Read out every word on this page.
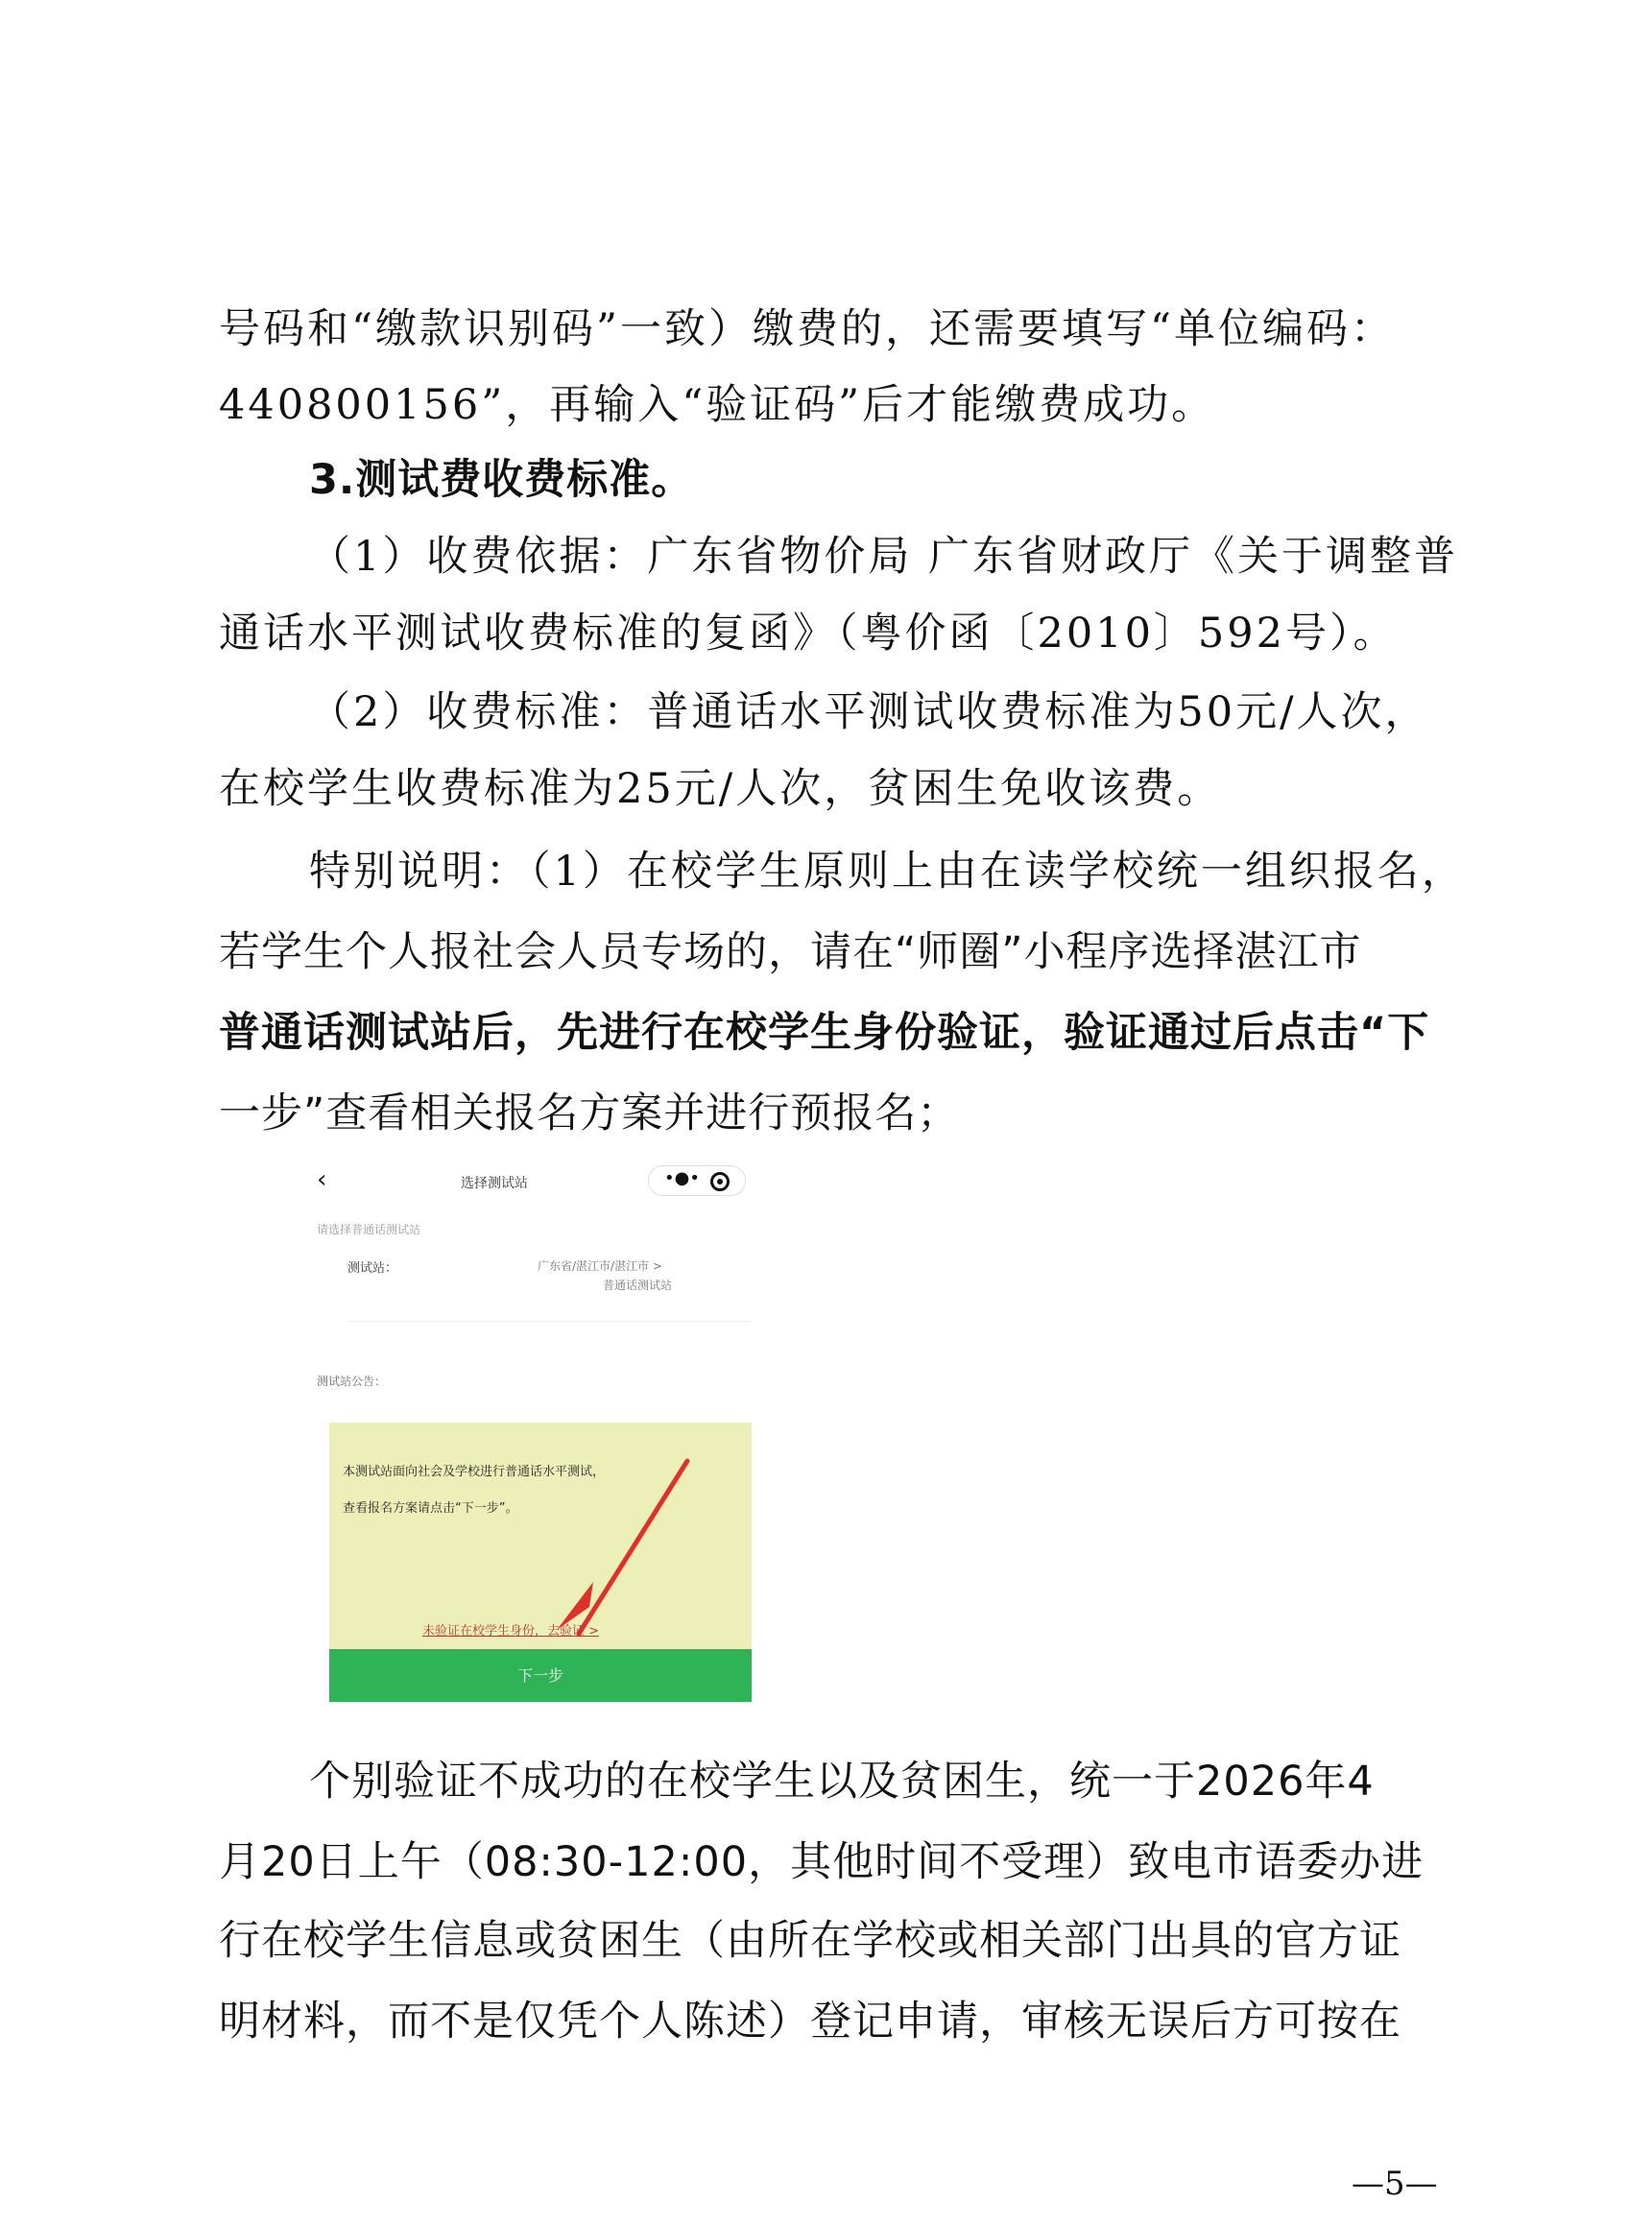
号码和“缴款识别码”一致）缴费的，还需要填写“单位编码：
440800156”，再输入“验证码”后才能缴费成功。
3.测试费收费标准。
（1）收费依据：广东省物价局 广东省财政厅《关于调整普
通话水平测试收费标准的复函》（粤价函〔2010〕592号）。
（2）收费标准：普通话水平测试收费标准为50元/人次，
在校学生收费标准为25元/人次，贫困生免收该费。
特别说明：（1）在校学生原则上由在读学校统一组织报名，
若学生个人报社会人员专场的，请在“师圈”小程序选择湛江市
普通话测试站后，先进行在校学生身份验证，验证通过后点击“下
一步”查看相关报名方案并进行预报名；
‹	选择测试站	•●•
请选择普通话测试站
测试站：	广东省/湛江市/湛江市 >
普通话测试站
测试站公告：

本测试站面向社会及学校进行普通话水平测试，

查看报名方案请点击“下一步”。

未验证在校学生身份，去验证 >
下一步
个别验证不成功的在校学生以及贫困生，统一于2026年4
月20日上午（08:30-12:00，其他时间不受理）致电市语委办进
行在校学生信息或贫困生（由所在学校或相关部门出具的官方证
明材料，而不是仅凭个人陈述）登记申请，审核无误后方可按在
—5—
